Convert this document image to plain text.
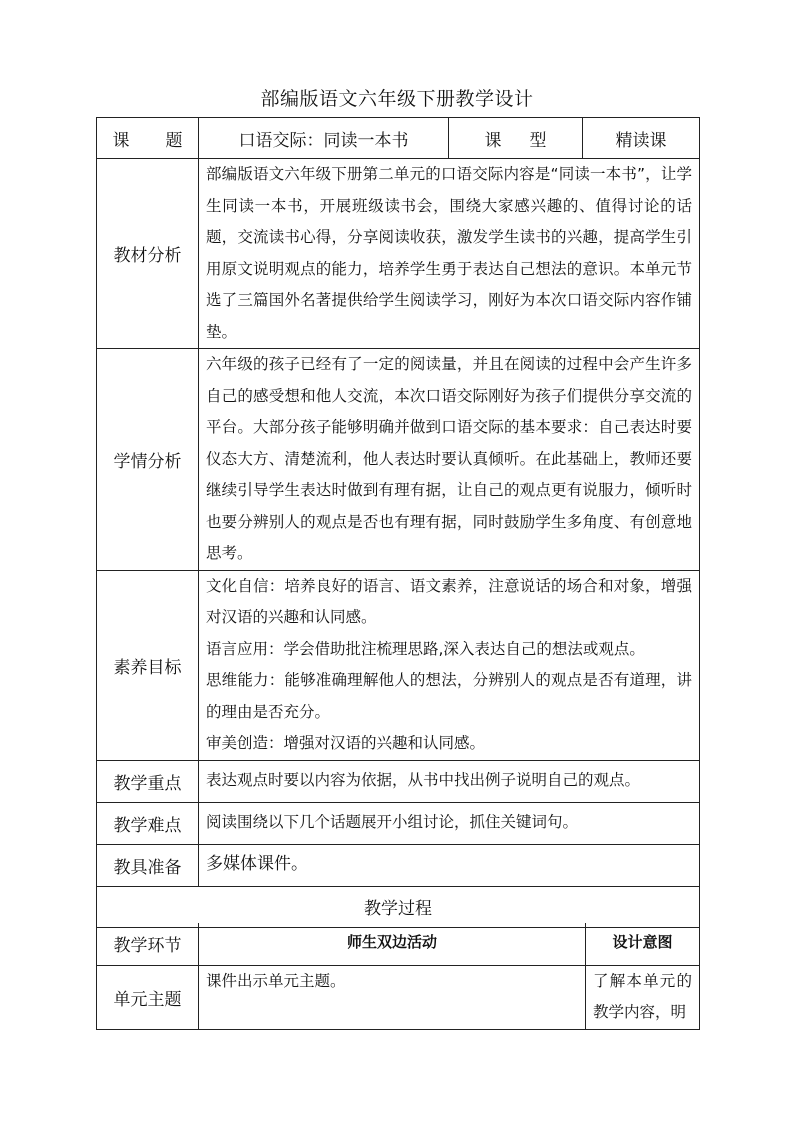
部编版语文六年级下册教学设计
课 题	口语交际：同读一本书	课 型	精读课
教材分析	部编版语文六年级下册第二单元的口语交际内容是“同读一本书”，让学生同读一本书，开展班级读书会，围绕大家感兴趣的、值得讨论的话题，交流读书心得，分享阅读收获，激发学生读书的兴趣，提高学生引用原文说明观点的能力，培养学生勇于表达自己想法的意识。本单元节选了三篇国外名著提供给学生阅读学习，刚好为本次口语交际内容作铺垫。		

学情分析	六年级的孩子已经有了一定的阅读量，并且在阅读的过程中会产生许多自己的感受想和他人交流，本次口语交际刚好为孩子们提供分享交流的平台。大部分孩子能够明确并做到口语交际的基本要求：自己表达时要仪态大方、清楚流利，他人表达时要认真倾听。在此基础上，教师还要继续引导学生表达时做到有理有据，让自己的观点更有说服力，倾听时也要分辨别人的观点是否也有理有据，同时鼓励学生多角度、有创意地思考。		

素养目标	文化自信：培养良好的语言、语文素养，注意说话的场合和对象，增强对汉语的兴趣和认同感。

语言应用：学会借助批注梳理思路,深入表达自己的想法或观点。

思维能力：能够准确理解他人的想法，分辨别人的观点是否有道理，讲的理由是否充分。

审美创造：增强对汉语的兴趣和认同感。		

教学重点	表达观点时要以内容为依据，从书中找出例子说明自己的观点。		
教学难点	阅读围绕以下几个话题展开小组讨论，抓住关键词句。		
教具准备	多媒体课件。		
教学过程			
教学环节	师生双边活动	设计意图
单元主题	课件出示单元主题。	了解本单元的教学内容，明
